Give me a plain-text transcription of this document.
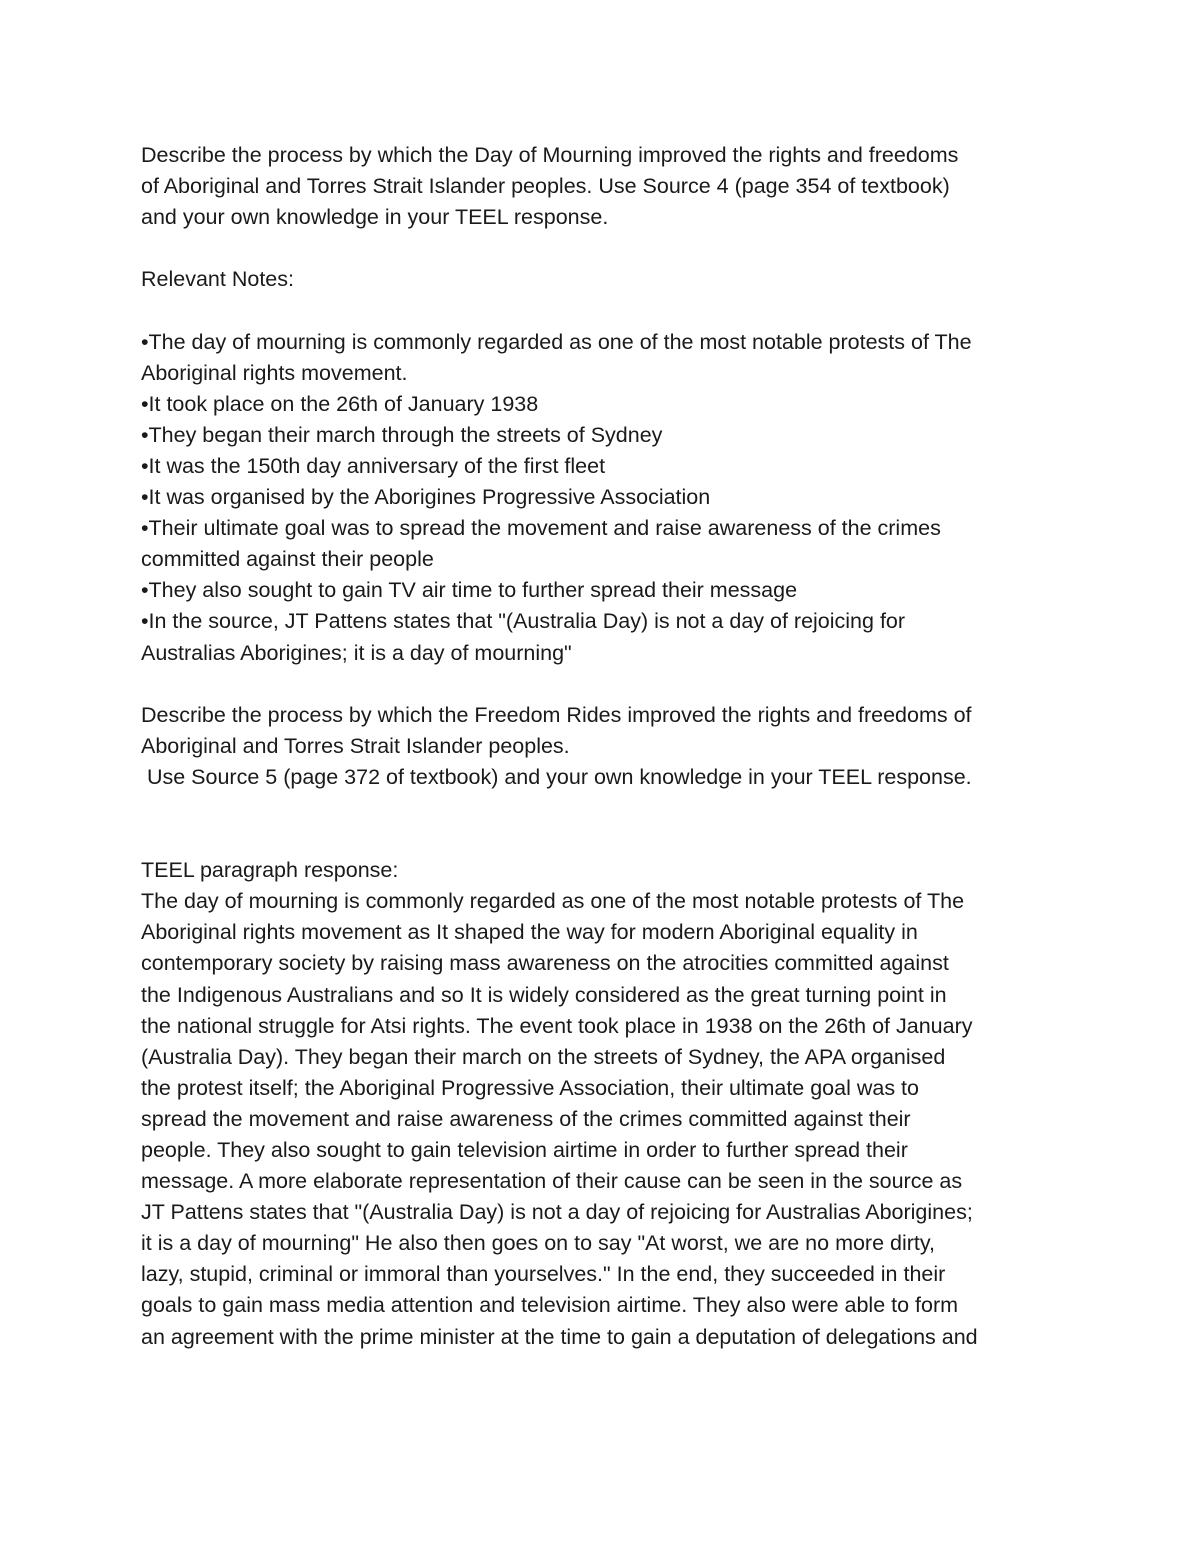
Describe the process by which the Day of Mourning improved the rights and freedoms
of Aboriginal and Torres Strait Islander peoples. Use Source 4 (page 354 of textbook)
and your own knowledge in your TEEL response.
Relevant Notes:
•The day of mourning is commonly regarded as one of the most notable protests of The
Aboriginal rights movement.
•It took place on the 26th of January 1938
•They began their march through the streets of Sydney
•It was the 150th day anniversary of the first fleet
•It was organised by the Aborigines Progressive Association
•Their ultimate goal was to spread the movement and raise awareness of the crimes
committed against their people
•They also sought to gain TV air time to further spread their message
•In the source, JT Pattens states that "(Australia Day) is not a day of rejoicing for
Australias Aborigines; it is a day of mourning"
Describe the process by which the Freedom Rides improved the rights and freedoms of
Aboriginal and Torres Strait Islander peoples.
Use Source 5 (page 372 of textbook) and your own knowledge in your TEEL response.
TEEL paragraph response:
The day of mourning is commonly regarded as one of the most notable protests of The
Aboriginal rights movement as It shaped the way for modern Aboriginal equality in
contemporary society by raising mass awareness on the atrocities committed against
the Indigenous Australians and so It is widely considered as the great turning point in
the national struggle for Atsi rights. The event took place in 1938 on the 26th of January
(Australia Day). They began their march on the streets of Sydney, the APA organised
the protest itself; the Aboriginal Progressive Association, their ultimate goal was to
spread the movement and raise awareness of the crimes committed against their
people. They also sought to gain television airtime in order to further spread their
message. A more elaborate representation of their cause can be seen in the source as
JT Pattens states that "(Australia Day) is not a day of rejoicing for Australias Aborigines;
it is a day of mourning" He also then goes on to say "At worst, we are no more dirty,
lazy, stupid, criminal or immoral than yourselves." In the end, they succeeded in their
goals to gain mass media attention and television airtime. They also were able to form
an agreement with the prime minister at the time to gain a deputation of delegations and
